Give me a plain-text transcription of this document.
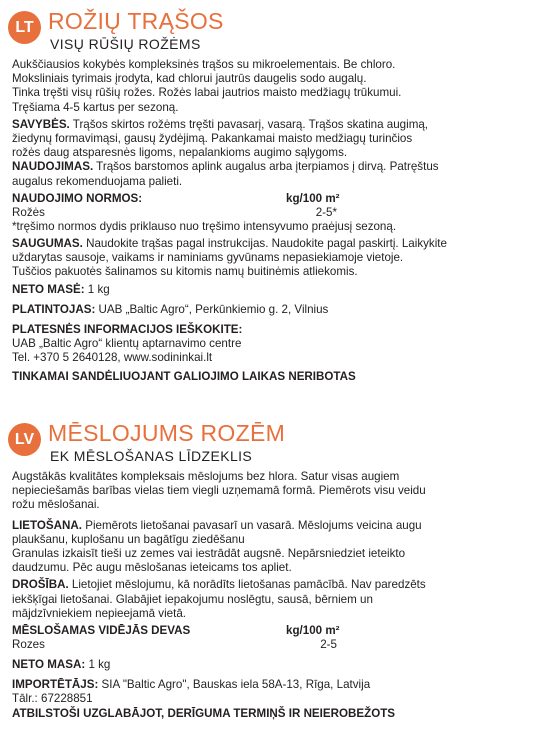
LT ROŽIŲ TRĄŠOS
VISŲ RŪŠIŲ ROŽĖMS
Aukščiausios kokybės kompleksinės trąšos su mikroelementais. Be chloro.
Moksliniais tyrimais įrodyta, kad chlorui jautrūs daugelis sodo augalų.
Tinka tręšti visų rūšių rožes. Rožės labai jautrios maisto medžiagų trūkumui.
Tręšiama 4-5 kartus per sezoną.
SAVYBĖS. Trąšos skirtos rožėms tręšti pavasarį, vasarą. Trąšos skatina augimą,
žiedynų formavimąsi, gausų žydėjimą. Pakankamai maisto medžiagų turinčios
rožės daug atsparesnės ligoms, nepalankioms augimo sąlygoms.
NAUDOJIMAS. Trąšos barstomos aplink augalus arba įterpiamos į dirvą. Patręštus
augalus rekomenduojama palieti.
NAUDOJIMO NORMOS:	kg/100 m²
Rožės	2-5*
*tręšimo normos dydis priklauso nuo tręšimo intensyvumo praėjusį sezoną.
SAUGUMAS. Naudokite trąšas pagal instrukcijas. Naudokite pagal paskirtį. Laikykite
uždarytas sausoje, vaikams ir naminiams gyvūnams nepasiekiamoje vietoje.
Tuščios pakuotės šalinamos su kitomis namų buitinėmis atliekomis.
NETO MASĖ: 1 kg
PLATINTOJAS: UAB „Baltic Agro“, Perkūnkiemio g. 2, Vilnius
PLATESNĖS INFORMACIJOS IEŠKOKITE:
UAB „Baltic Agro“ klientų aptarnavimo centre
Tel. +370 5 2640128, www.sodininkai.lt
TINKAMAI SANDĖLIUOJANT GALIOJIMO LAIKAS NERIBOTAS
LV MĒSLOJUMS ROZĒM
EK MĒSLOŠANAS LĪDZEKLIS
Augstākās kvalitātes kompleksais mēslojums bez hlora. Satur visas augiem
nepieciešamās barības vielas tiem viegli uzņemamā formā. Piemērots visu veidu
rožu mēslošanai.
LIETOŠANA. Piemērots lietošanai pavasarī un vasarā. Mēslojums veicina augu
plaukšanu, kuplošanu un bagātīgu ziedēšanu
Granulas izkaisīt tieši uz zemes vai iestrādāt augsnē. Nepārsniedziet ieteikto
daudzumu. Pēc augu mēslošanas ieteicams tos apliet.
DROŠĪBA. Lietojiet mēslojumu, kā norādīts lietošanas pamācībā. Nav paredzēts
iekšķīgai lietošanai. Glabājiet iepakojumu noslēgtu, sausā, bērniem un
mājdzīvniekiem nepieejamā vietā.
MĒSLOŠAMAS VIDĒJĀS DEVAS	kg/100 m²
Rozes	2-5
NETO MASA: 1 kg
IMPORTĒTĀJS: SIA "Baltic Agro", Bauskas iela 58A-13, Rīga, Latvija
Tālr.: 67228851
ATBILSTOŠI UZGLABĀJOT, DERĪGUMA TERMIŅŠ IR NEIEROBEŽOTS
